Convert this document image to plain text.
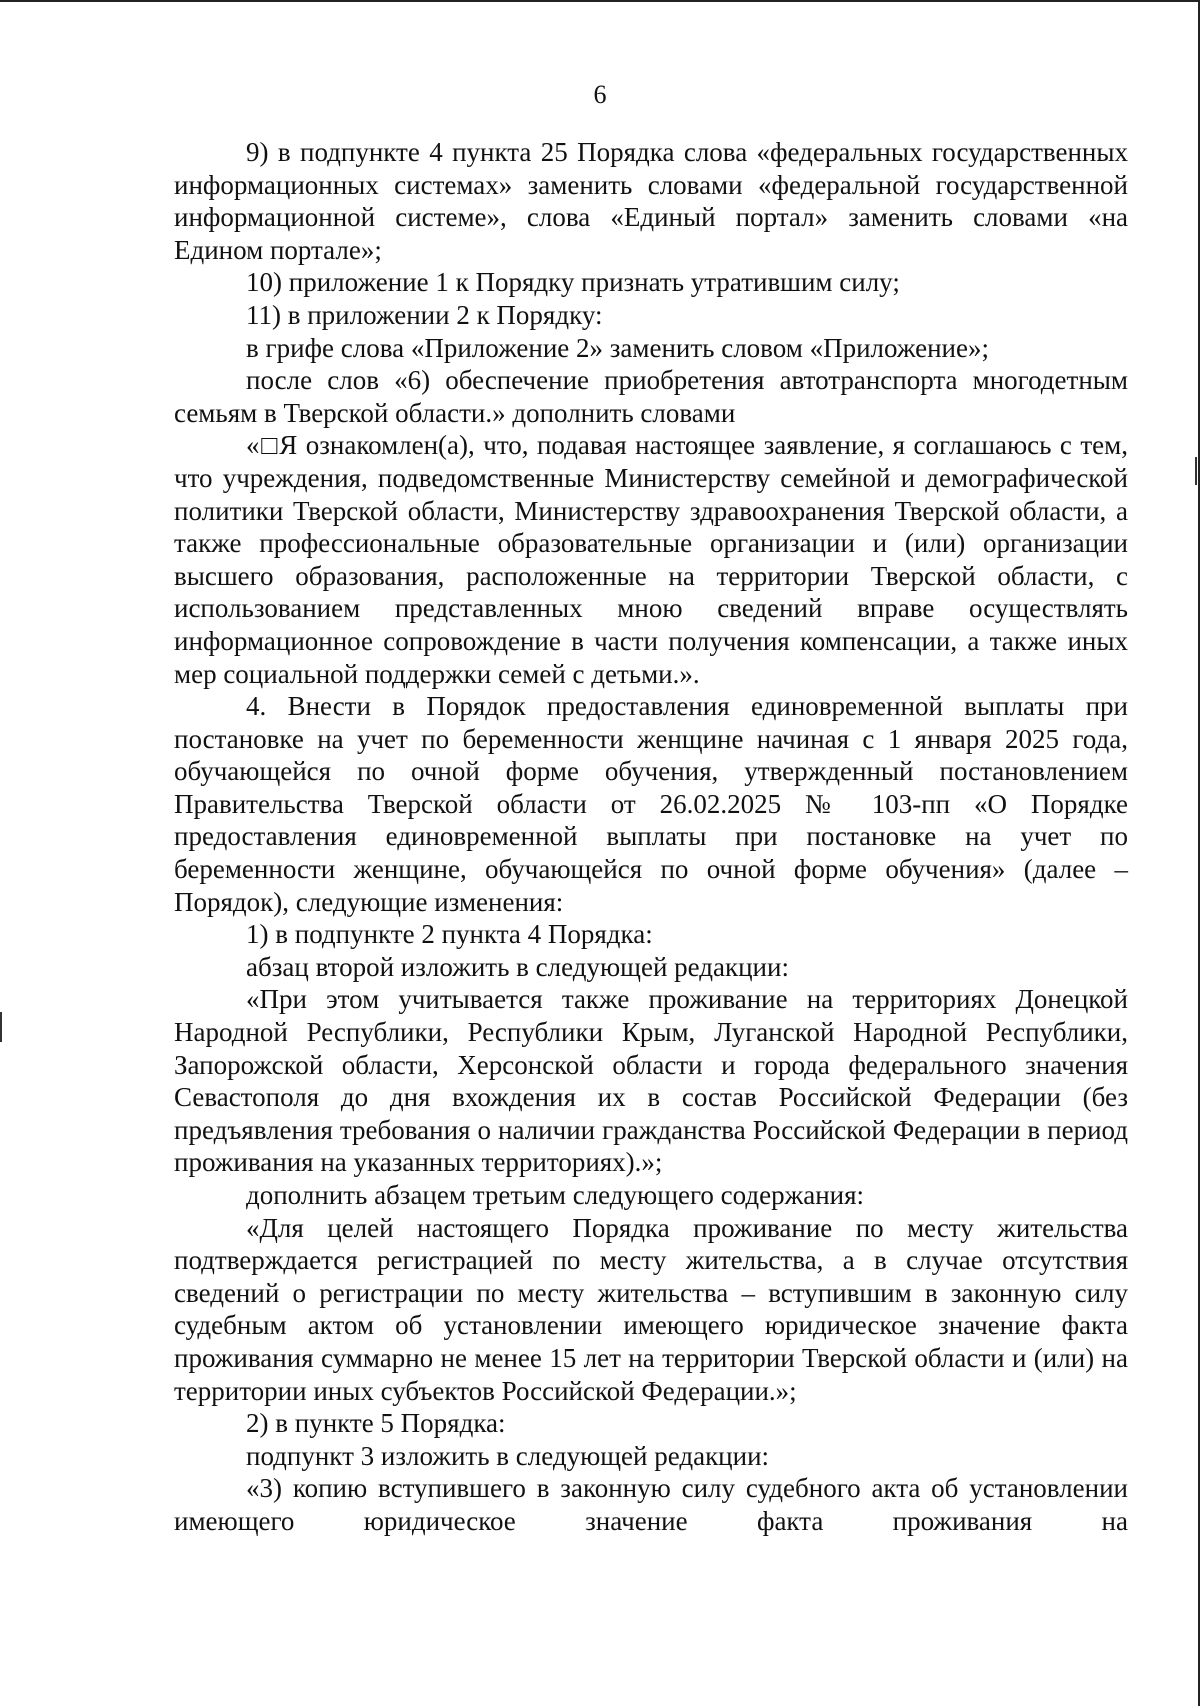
6

9) в подпункте 4 пункта 25 Порядка слова «федеральных государственных информационных системах» заменить словами «федеральной государственной информационной системе», слова «Единый портал» заменить словами «на Едином портале»;

10) приложение 1 к Порядку признать утратившим силу;

11) в приложении 2 к Порядку:

в грифе слова «Приложение 2» заменить словом «Приложение»;

после слов «6) обеспечение приобретения автотранспорта многодетным семьям в Тверской области.» дополнить словами

«□Я ознакомлен(а), что, подавая настоящее заявление, я соглашаюсь с тем, что учреждения, подведомственные Министерству семейной и демографической политики Тверской области, Министерству здравоохранения Тверской области, а также профессиональные образовательные организации и (или) организации высшего образования, расположенные на территории Тверской области, с использованием представленных мною сведений вправе осуществлять информационное сопровождение в части получения компенсации, а также иных мер социальной поддержки семей с детьми.».

4. Внести в Порядок предоставления единовременной выплаты при постановке на учет по беременности женщине начиная с 1 января 2025 года, обучающейся по очной форме обучения, утвержденный постановлением Правительства Тверской области от 26.02.2025 № 103-пп «О Порядке предоставления единовременной выплаты при постановке на учет по беременности женщине, обучающейся по очной форме обучения» (далее – Порядок), следующие изменения:

1) в подпункте 2 пункта 4 Порядка:

абзац второй изложить в следующей редакции:

«При этом учитывается также проживание на территориях Донецкой Народной Республики, Республики Крым, Луганской Народной Республики, Запорожской области, Херсонской области и города федерального значения Севастополя до дня вхождения их в состав Российской Федерации (без предъявления требования о наличии гражданства Российской Федерации в период проживания на указанных территориях).»;

дополнить абзацем третьим следующего содержания:

«Для целей настоящего Порядка проживание по месту жительства подтверждается регистрацией по месту жительства, а в случае отсутствия сведений о регистрации по месту жительства – вступившим в законную силу судебным актом об установлении имеющего юридическое значение факта проживания суммарно не менее 15 лет на территории Тверской области и (или) на территории иных субъектов Российской Федерации.»;

2) в пункте 5 Порядка:

подпункт 3 изложить в следующей редакции:

«3) копию вступившего в законную силу судебного акта об установлении имеющего юридическое значение факта проживания на
